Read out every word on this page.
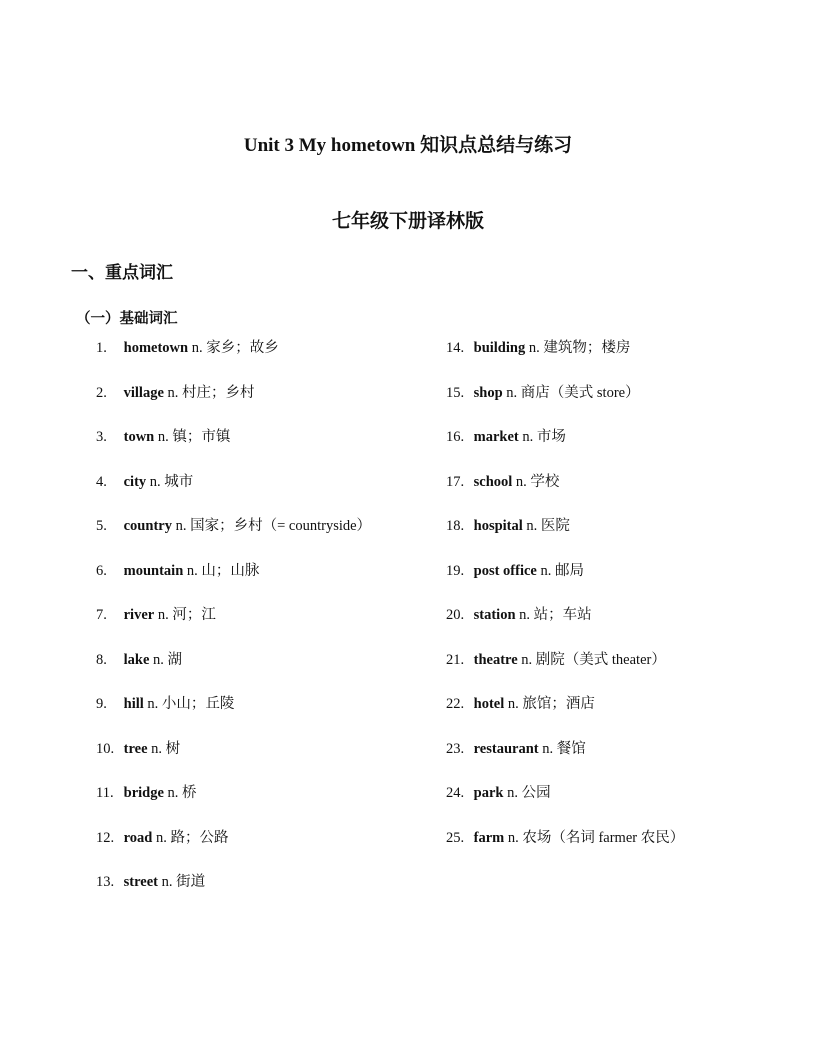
Unit 3 My hometown 知识点总结与练习
七年级下册译林版
一、重点词汇
（一）基础词汇
1. hometown n. 家乡；故乡
2. village n. 村庄；乡村
3. town n. 镇；市镇
4. city n. 城市
5. country n. 国家；乡村（= countryside）
6. mountain n. 山；山脉
7. river n. 河；江
8. lake n. 湖
9. hill n. 小山；丘陵
10. tree n. 树
11. bridge n. 桥
12. road n. 路；公路
13. street n. 街道
14. building n. 建筑物；楼房
15. shop n. 商店（美式 store）
16. market n. 市场
17. school n. 学校
18. hospital n. 医院
19. post office n. 邮局
20. station n. 站；车站
21. theatre n. 剧院（美式 theater）
22. hotel n. 旅馆；酒店
23. restaurant n. 餐馆
24. park n. 公园
25. farm n. 农场（名词 farmer 农民）
